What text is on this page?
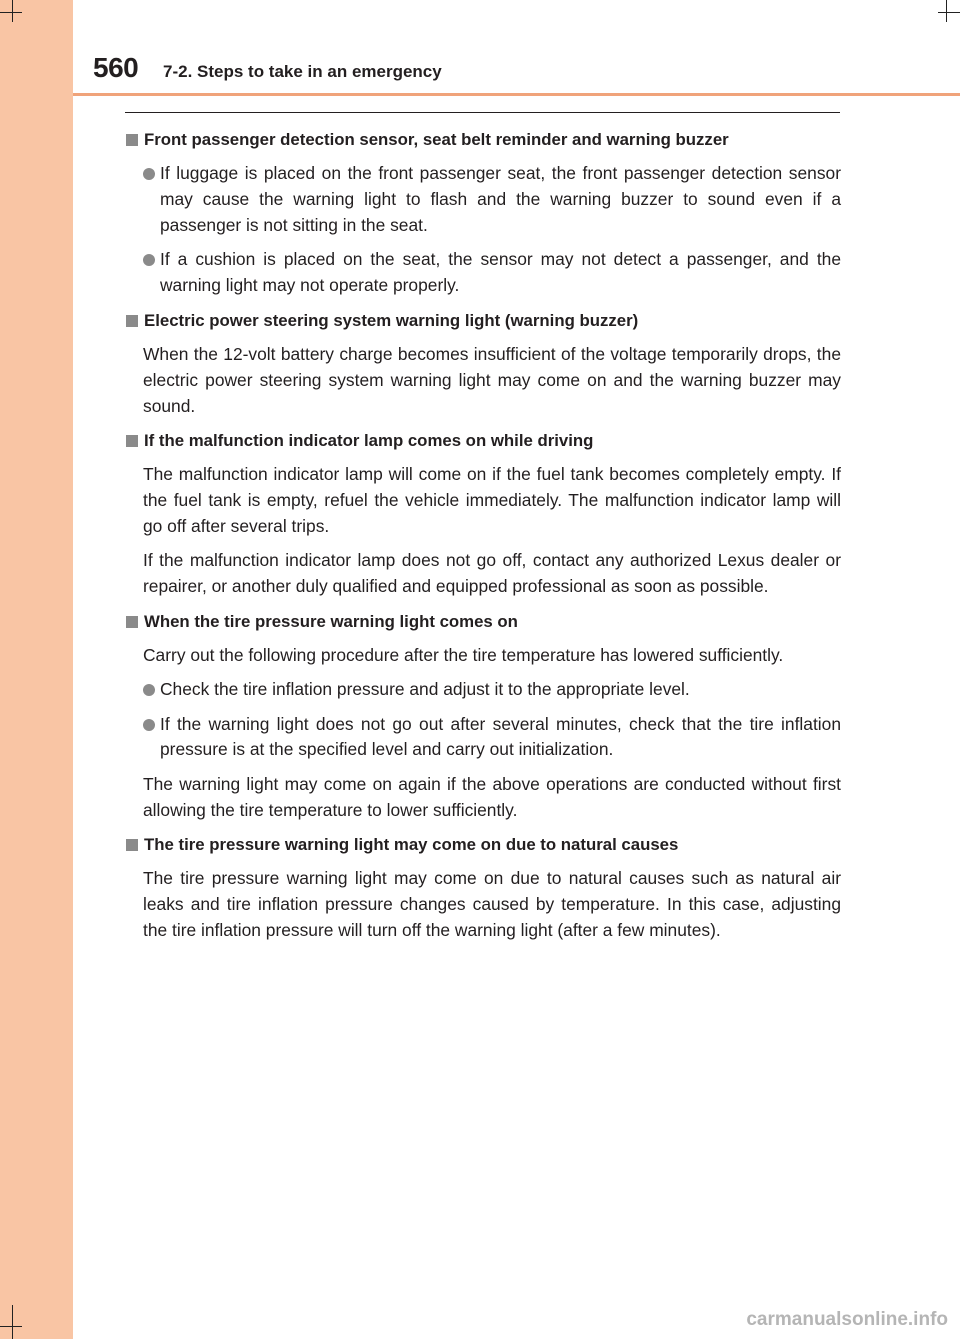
560 7-2. Steps to take in an emergency
Front passenger detection sensor, seat belt reminder and warning buzzer
If luggage is placed on the front passenger seat, the front passenger detection sensor may cause the warning light to flash and the warning buzzer to sound even if a passenger is not sitting in the seat.
If a cushion is placed on the seat, the sensor may not detect a passenger, and the warning light may not operate properly.
Electric power steering system warning light (warning buzzer)
When the 12-volt battery charge becomes insufficient of the voltage temporarily drops, the electric power steering system warning light may come on and the warning buzzer may sound.
If the malfunction indicator lamp comes on while driving
The malfunction indicator lamp will come on if the fuel tank becomes completely empty. If the fuel tank is empty, refuel the vehicle immediately. The malfunction indicator lamp will go off after several trips.
If the malfunction indicator lamp does not go off, contact any authorized Lexus dealer or repairer, or another duly qualified and equipped professional as soon as possible.
When the tire pressure warning light comes on
Carry out the following procedure after the tire temperature has lowered sufficiently.
Check the tire inflation pressure and adjust it to the appropriate level.
If the warning light does not go out after several minutes, check that the tire inflation pressure is at the specified level and carry out initialization.
The warning light may come on again if the above operations are conducted without first allowing the tire temperature to lower sufficiently.
The tire pressure warning light may come on due to natural causes
The tire pressure warning light may come on due to natural causes such as natural air leaks and tire inflation pressure changes caused by temperature. In this case, adjusting the tire inflation pressure will turn off the warning light (after a few minutes).
carmanualsonline.info
